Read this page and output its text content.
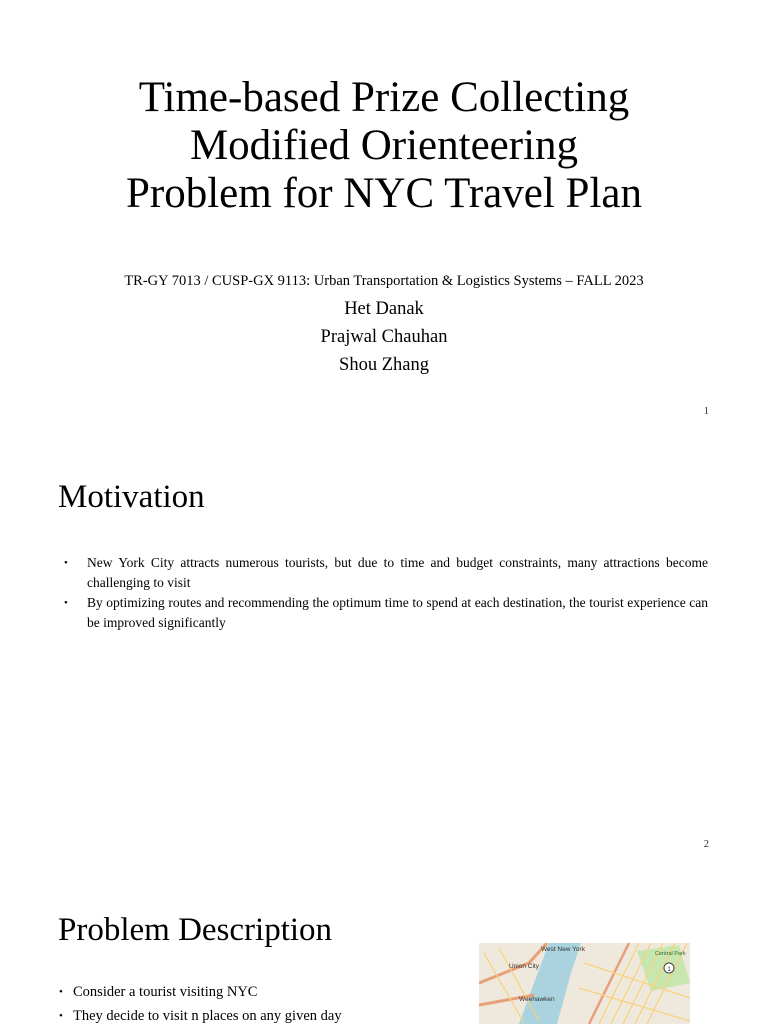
Time-based Prize Collecting
Modified Orienteering
Problem for NYC Travel Plan
TR-GY 7013 / CUSP-GX 9113: Urban Transportation & Logistics Systems – FALL 2023
Het Danak
Prajwal Chauhan
Shou Zhang
1
Motivation
• New York City attracts numerous tourists, but due to time and budget constraints, many attractions become challenging to visit
• By optimizing routes and recommending the optimum time to spend at each destination, the tourist experience can be improved significantly
2
Problem Description
• Consider a tourist visiting NYC
• They decide to visit n places on any given day
1
West New York
Union City
Weehawken
Central Park
